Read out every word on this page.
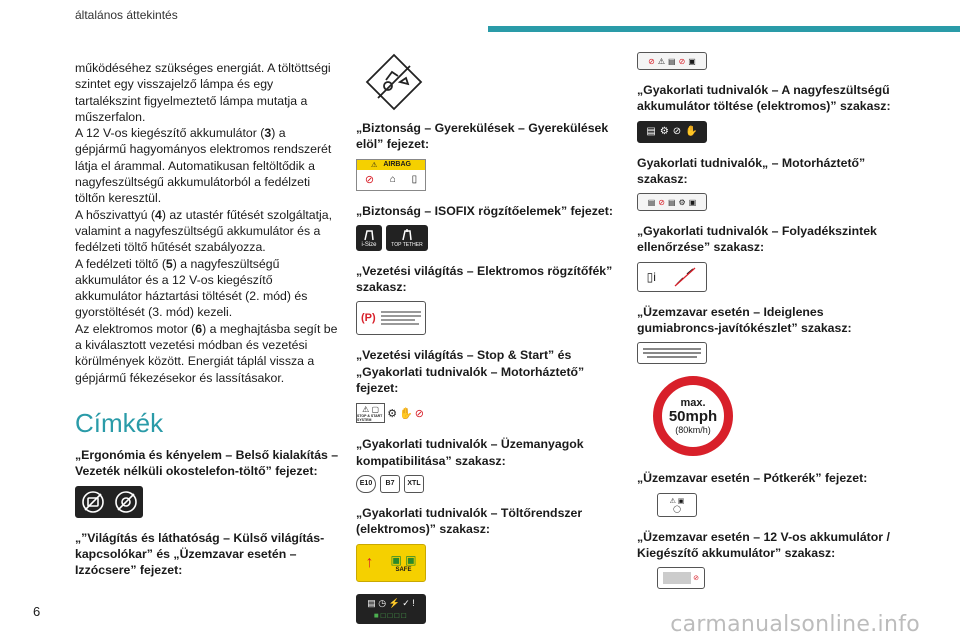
általános áttekintés

működéséhez szükséges energiát. A töltöttségi szintet egy visszajelző lámpa és egy tartalékszint figyelmeztető lámpa mutatja a műszerfalon.

A 12 V-os kiegészítő akkumulátor (3) a gépjármű hagyományos elektromos rendszerét látja el árammal. Automatikusan feltöltődik a nagyfeszültségű akkumulátorból a fedélzeti töltőn keresztül.

A hőszivattyú (4) az utastér fűtését szolgáltatja, valamint a nagyfeszültségű akkumulátor és a fedélzeti töltő hűtését szabályozza.

A fedélzeti töltő (5) a nagyfeszültségű akkumulátor és a 12 V-os kiegészítő akkumulátor háztartási töltését (2. mód) és gyorstöltését (3. mód) kezeli.

Az elektromos motor (6) a meghajtásba segít be a kiválasztott vezetési módban és vezetési körülmények között. Energiát táplál vissza a gépjármű fékezésekor és lassításakor.

Címkék

„Ergonómia és kényelem – Belső kialakítás – Vezeték nélküli okostelefon-töltő” fejezet:

„”Világítás és láthatóság – Külső világítás-kapcsolókar” és „Üzemzavar esetén – Izzócsere” fejezet:

„Biztonság – Gyerekülések – Gyerekülések elöl” fejezet:

⚠ AIRBAG
⊘ ⌂ ▯

„Biztonság – ISOFIX rögzítőelemek” fejezet:

i-Size	TOP TETHER

„Vezetési világítás – Elektromos rögzítőfék” szakasz:

(P)

„Vezetési világítás – Stop & Start” és „Gyakorlati tudnivalók – Motorháztető” fejezet:

⚠ ▢
STOP & START SYSTEM	⚙ ✋ ⊘

„Gyakorlati tudnivalók – Üzemanyagok kompatibilitása” szakasz:

E10	B7	XTL

„Gyakorlati tudnivalók – Töltőrendszer (elektromos)” szakasz:

↑ ▣ ▣
SAFE
▤ ◷ ⚡ ✓ !
■□□□□
⊘ ⚠ ▤ ⊘ ▣

„Gyakorlati tudnivalók – A nagyfeszültségű akkumulátor töltése (elektromos)” szakasz:

▤ ⚙ ⊘ ✋

Gyakorlati tudnivalók„ – Motorháztető” szakasz:

▤ ⊘ ▤ ⚙ ▣

„Gyakorlati tudnivalók – Folyadékszintek ellenőrzése” szakasz:

▯i

„Üzemzavar esetén – Ideiglenes gumiabroncs-javítókészlet” szakasz:

max.
50mph
(80km/h)

„Üzemzavar esetén – Pótkerék” fejezet:

⚠ ▣
◯

„Üzemzavar esetén – 12 V-os akkumulátor / Kiegészítő akkumulátor” szakasz:

⊘
6
carmanualsonline.info
